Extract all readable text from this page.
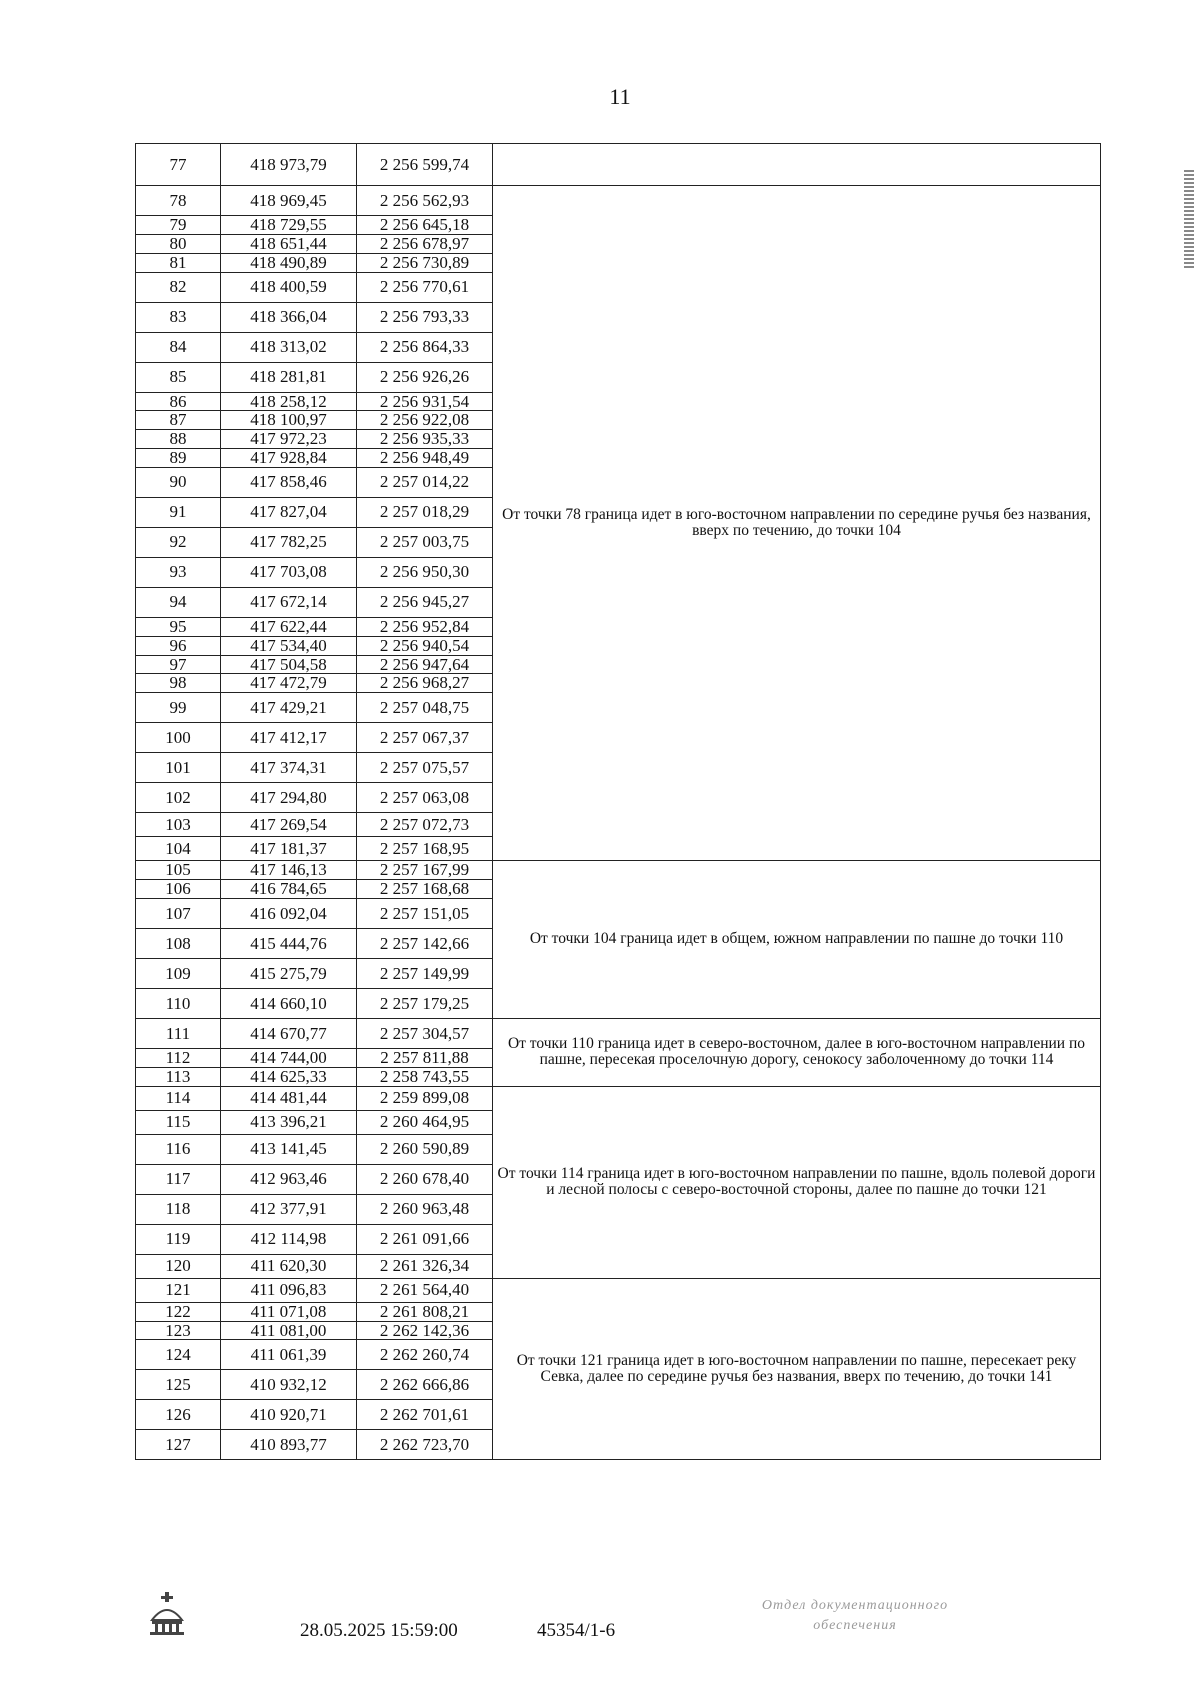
11
77	418 973,79	2 256 599,74	
78	418 969,45	2 256 562,93	От точки 78 граница идет в юго-восточном направлении по середине ручья без названия, вверх по течению, до точки 104
79	418 729,55	2 256 645,18	
80	418 651,44	2 256 678,97	
81	418 490,89	2 256 730,89	
82	418 400,59	2 256 770,61	
83	418 366,04	2 256 793,33	
84	418 313,02	2 256 864,33	
85	418 281,81	2 256 926,26	
86	418 258,12	2 256 931,54	
87	418 100,97	2 256 922,08	
88	417 972,23	2 256 935,33	
89	417 928,84	2 256 948,49	
90	417 858,46	2 257 014,22	
91	417 827,04	2 257 018,29	
92	417 782,25	2 257 003,75	
93	417 703,08	2 256 950,30	
94	417 672,14	2 256 945,27	
95	417 622,44	2 256 952,84	
96	417 534,40	2 256 940,54	
97	417 504,58	2 256 947,64	
98	417 472,79	2 256 968,27	
99	417 429,21	2 257 048,75	
100	417 412,17	2 257 067,37	
101	417 374,31	2 257 075,57	
102	417 294,80	2 257 063,08	
103	417 269,54	2 257 072,73	
104	417 181,37	2 257 168,95	
105	417 146,13	2 257 167,99	От точки 104 граница идет в общем, южном направлении по пашне до точки 110
106	416 784,65	2 257 168,68	
107	416 092,04	2 257 151,05	
108	415 444,76	2 257 142,66	
109	415 275,79	2 257 149,99	
110	414 660,10	2 257 179,25	
111	414 670,77	2 257 304,57	От точки 110 граница идет в северо-восточном, далее в юго-восточном направлении по пашне, пересекая проселочную дорогу, сенокосу заболоченному до точки 114
112	414 744,00	2 257 811,88	
113	414 625,33	2 258 743,55	
114	414 481,44	2 259 899,08	От точки 114 граница идет в юго-восточном направлении по пашне, вдоль полевой дороги и лесной полосы с северо-восточной стороны, далее по пашне до точки 121
115	413 396,21	2 260 464,95	
116	413 141,45	2 260 590,89	
117	412 963,46	2 260 678,40	
118	412 377,91	2 260 963,48	
119	412 114,98	2 261 091,66	
120	411 620,30	2 261 326,34	
121	411 096,83	2 261 564,40	От точки 121 граница идет в юго-восточном направлении по пашне, пересекает реку Севка, далее по середине ручья без названия, вверх по течению, до точки 141
122	411 071,08	2 261 808,21	
123	411 081,00	2 262 142,36	
124	411 061,39	2 262 260,74	
125	410 932,12	2 262 666,86	
126	410 920,71	2 262 701,61	
127	410 893,77	2 262 723,70	
28.05.2025 15:59:00	45354/1-6
Отдел документационного
обеспечения
